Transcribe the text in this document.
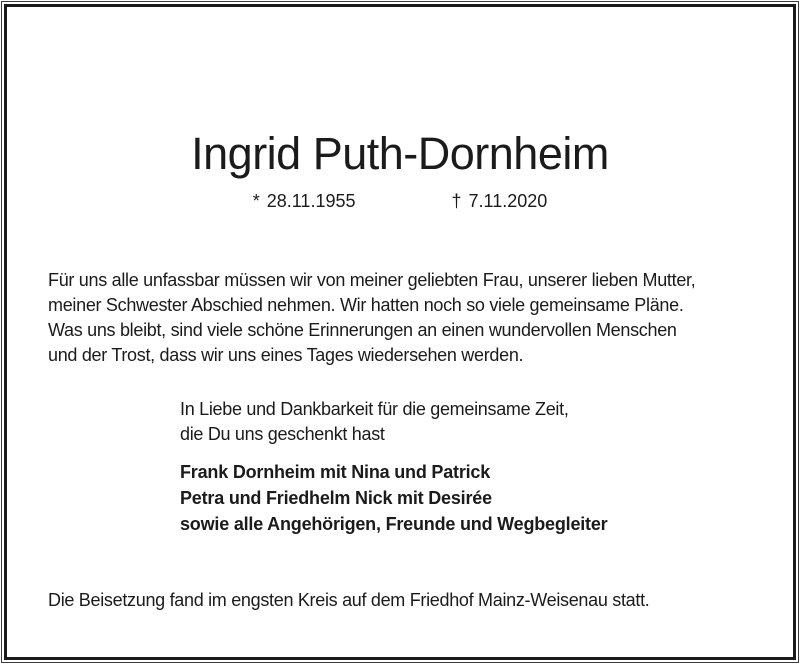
Ingrid Puth-Dornheim
* 28.11.1955	† 7.11.2020
Für uns alle unfassbar müssen wir von meiner geliebten Frau, unserer lieben Mutter,
meiner Schwester Abschied nehmen. Wir hatten noch so viele gemeinsame Pläne.
Was uns bleibt, sind viele schöne Erinnerungen an einen wundervollen Menschen
und der Trost, dass wir uns eines Tages wiedersehen werden.
In Liebe und Dankbarkeit für die gemeinsame Zeit,
die Du uns geschenkt hast
Frank Dornheim mit Nina und Patrick
Petra und Friedhelm Nick mit Desirée
sowie alle Angehörigen, Freunde und Wegbegleiter
Die Beisetzung fand im engsten Kreis auf dem Friedhof Mainz-Weisenau statt.
